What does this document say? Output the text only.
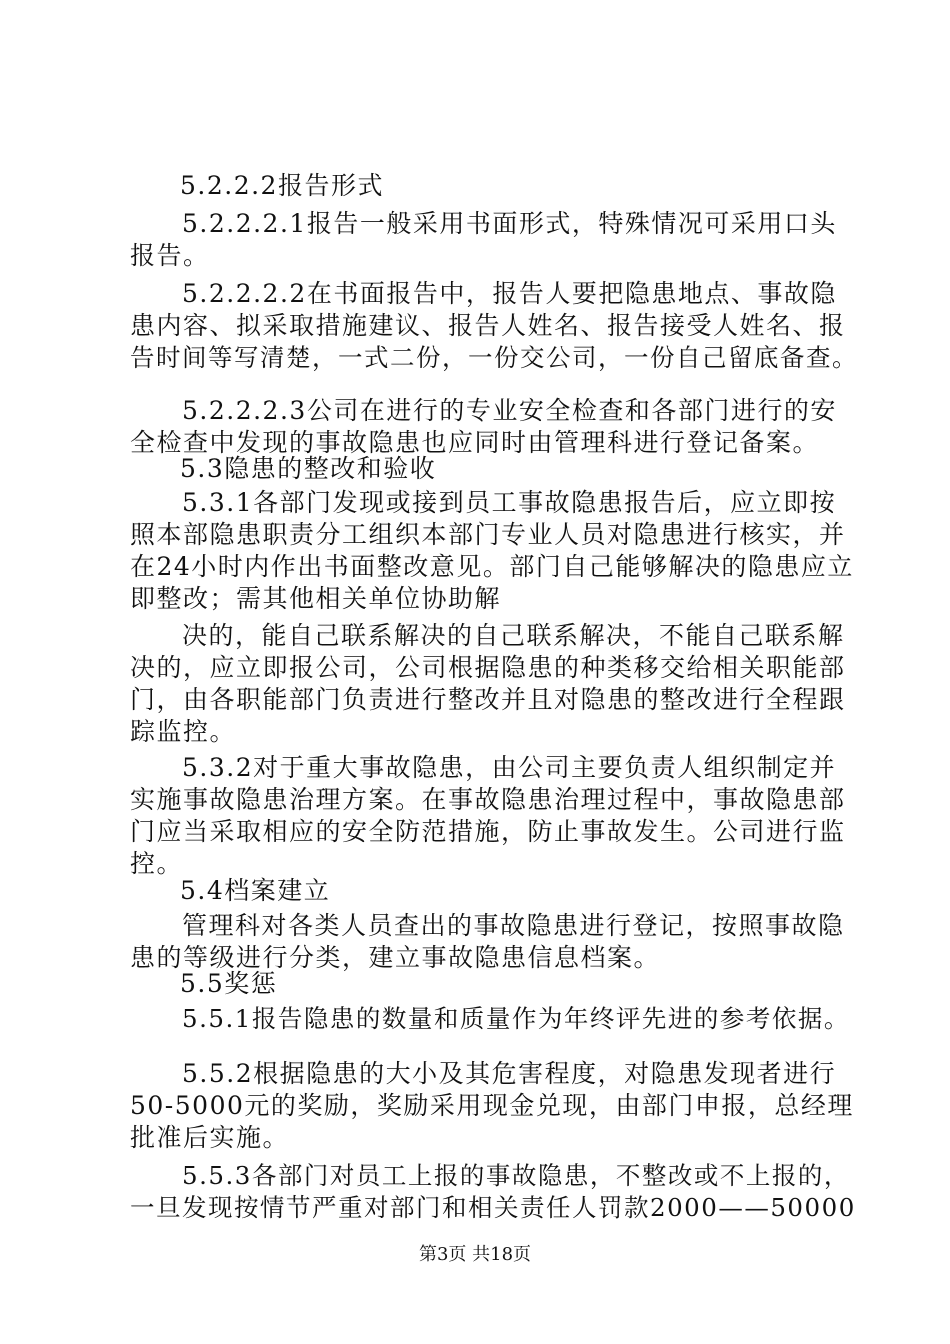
5.2.2.2报告形式
5.2.2.2.1报告一般采用书面形式，特殊情况可采用口头
报告。
5.2.2.2.2在书面报告中，报告人要把隐患地点、事故隐
患内容、拟采取措施建议、报告人姓名、报告接受人姓名、报
告时间等写清楚，一式二份，一份交公司，一份自己留底备查。
5.2.2.2.3公司在进行的专业安全检查和各部门进行的安
全检查中发现的事故隐患也应同时由管理科进行登记备案。
5.3隐患的整改和验收
5.3.1各部门发现或接到员工事故隐患报告后，应立即按
照本部隐患职责分工组织本部门专业人员对隐患进行核实，并
在24小时内作出书面整改意见。部门自己能够解决的隐患应立
即整改；需其他相关单位协助解
决的，能自己联系解决的自己联系解决，不能自己联系解
决的，应立即报公司，公司根据隐患的种类移交给相关职能部
门，由各职能部门负责进行整改并且对隐患的整改进行全程跟
踪监控。
5.3.2对于重大事故隐患，由公司主要负责人组织制定并
实施事故隐患治理方案。在事故隐患治理过程中，事故隐患部
门应当采取相应的安全防范措施，防止事故发生。公司进行监
控。
5.4档案建立
管理科对各类人员查出的事故隐患进行登记，按照事故隐
患的等级进行分类，建立事故隐患信息档案。
5.5奖惩
5.5.1报告隐患的数量和质量作为年终评先进的参考依据。
5.5.2根据隐患的大小及其危害程度，对隐患发现者进行
50-5000元的奖励，奖励采用现金兑现，由部门申报，总经理
批准后实施。
5.5.3各部门对员工上报的事故隐患，不整改或不上报的，
一旦发现按情节严重对部门和相关责任人罚款2000——50000
第3页 共18页
